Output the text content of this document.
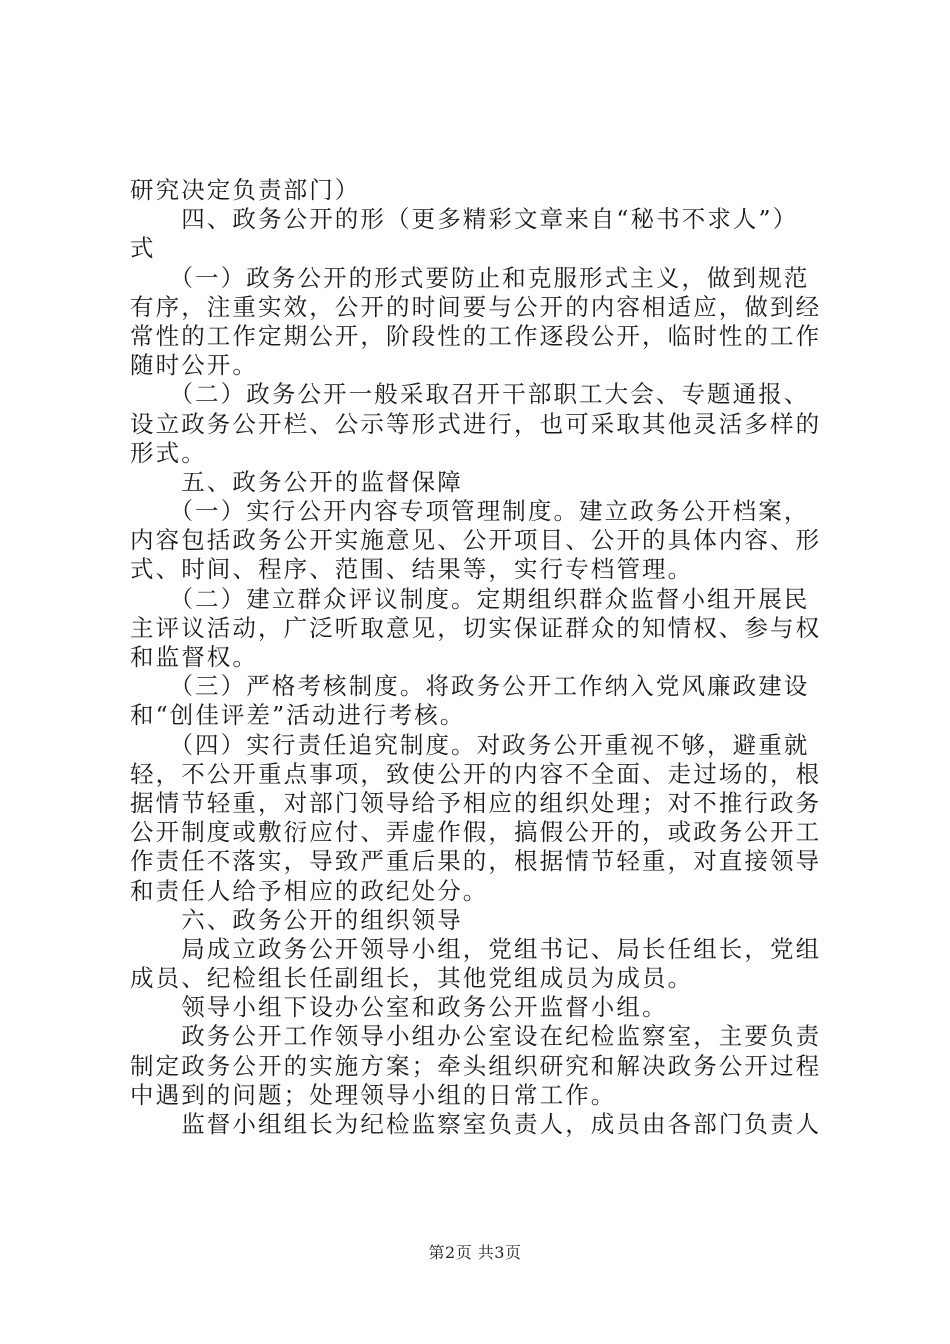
研究决定负责部门）
　　四、政务公开的形（更多精彩文章来自“秘书不求人”）
式
　　（一）政务公开的形式要防止和克服形式主义，做到规范
有序，注重实效，公开的时间要与公开的内容相适应，做到经
常性的工作定期公开，阶段性的工作逐段公开，临时性的工作
随时公开。
　　（二）政务公开一般采取召开干部职工大会、专题通报、
设立政务公开栏、公示等形式进行，也可采取其他灵活多样的
形式。
　　五、政务公开的监督保障
　　（一）实行公开内容专项管理制度。建立政务公开档案，
内容包括政务公开实施意见、公开项目、公开的具体内容、形
式、时间、程序、范围、结果等，实行专档管理。
　　（二）建立群众评议制度。定期组织群众监督小组开展民
主评议活动，广泛听取意见，切实保证群众的知情权、参与权
和监督权。
　　（三）严格考核制度。将政务公开工作纳入党风廉政建设
和“创佳评差”活动进行考核。
　　（四）实行责任追究制度。对政务公开重视不够，避重就
轻，不公开重点事项，致使公开的内容不全面、走过场的，根
据情节轻重，对部门领导给予相应的组织处理；对不推行政务
公开制度或敷衍应付、弄虚作假，搞假公开的，或政务公开工
作责任不落实，导致严重后果的，根据情节轻重，对直接领导
和责任人给予相应的政纪处分。
　　六、政务公开的组织领导
　　局成立政务公开领导小组，党组书记、局长任组长，党组
成员、纪检组长任副组长，其他党组成员为成员。
　　领导小组下设办公室和政务公开监督小组。
　　政务公开工作领导小组办公室设在纪检监察室，主要负责
制定政务公开的实施方案；牵头组织研究和解决政务公开过程
中遇到的问题；处理领导小组的日常工作。
　　监督小组组长为纪检监察室负责人，成员由各部门负责人
第2页 共3页
